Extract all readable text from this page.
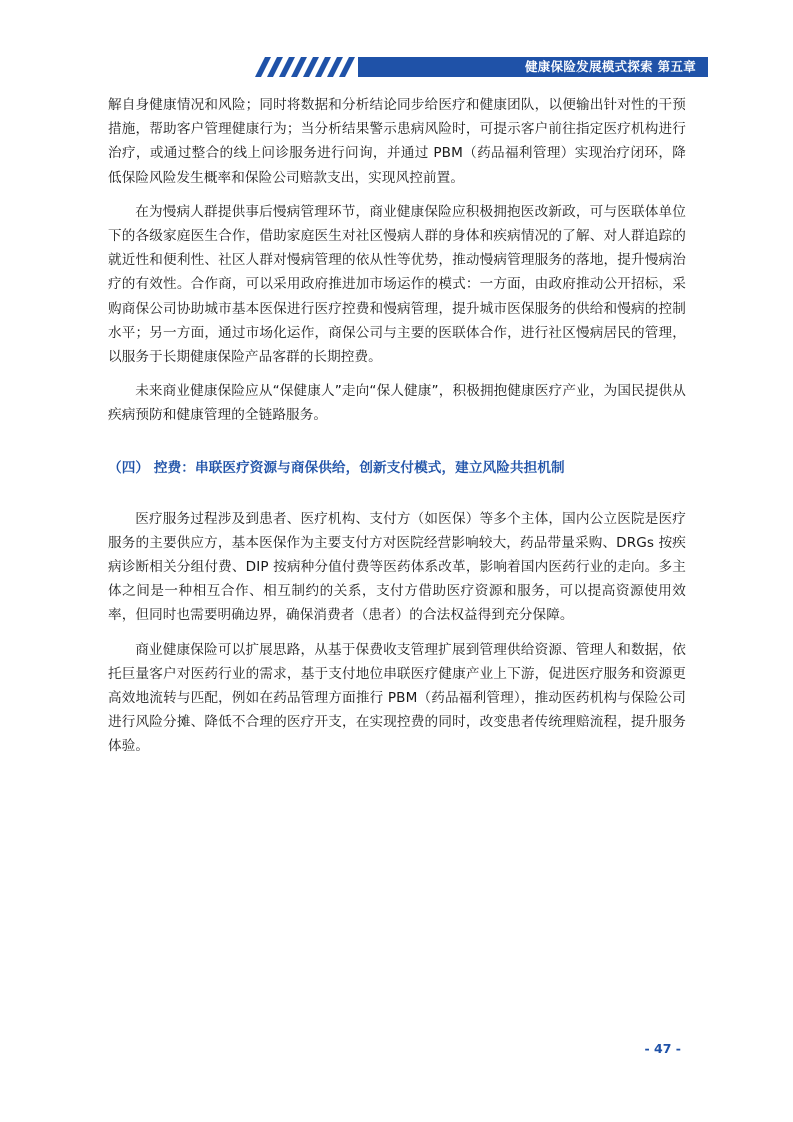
健康保险发展模式探索 第五章

解自身健康情况和风险；同时将数据和分析结论同步给医疗和健康团队，以便输出针对性的干预措施，帮助客户管理健康行为；当分析结果警示患病风险时，可提示客户前往指定医疗机构进行治疗，或通过整合的线上问诊服务进行问询，并通过 PBM（药品福利管理）实现治疗闭环，降低保险风险发生概率和保险公司赔款支出，实现风控前置。

在为慢病人群提供事后慢病管理环节，商业健康保险应积极拥抱医改新政，可与医联体单位下的各级家庭医生合作，借助家庭医生对社区慢病人群的身体和疾病情况的了解、对人群追踪的就近性和便利性、社区人群对慢病管理的依从性等优势，推动慢病管理服务的落地，提升慢病治疗的有效性。合作商，可以采用政府推进加市场运作的模式：一方面，由政府推动公开招标，采购商保公司协助城市基本医保进行医疗控费和慢病管理，提升城市医保服务的供给和慢病的控制水平；另一方面，通过市场化运作，商保公司与主要的医联体合作，进行社区慢病居民的管理，以服务于长期健康保险产品客群的长期控费。

未来商业健康保险应从“保健康人”走向“保人健康”，积极拥抱健康医疗产业，为国民提供从疾病预防和健康管理的全链路服务。

（四） 控费：串联医疗资源与商保供给，创新支付模式，建立风险共担机制

医疗服务过程涉及到患者、医疗机构、支付方（如医保）等多个主体，国内公立医院是医疗服务的主要供应方，基本医保作为主要支付方对医院经营影响较大，药品带量采购、DRGs 按疾病诊断相关分组付费、DIP 按病种分值付费等医药体系改革，影响着国内医药行业的走向。多主体之间是一种相互合作、相互制约的关系，支付方借助医疗资源和服务，可以提高资源使用效率，但同时也需要明确边界，确保消费者（患者）的合法权益得到充分保障。

商业健康保险可以扩展思路，从基于保费收支管理扩展到管理供给资源、管理人和数据，依托巨量客户对医药行业的需求，基于支付地位串联医疗健康产业上下游，促进医疗服务和资源更高效地流转与匹配，例如在药品管理方面推行 PBM（药品福利管理），推动医药机构与保险公司进行风险分摊、降低不合理的医疗开支，在实现控费的同时，改变患者传统理赔流程，提升服务体验。

- 47 -
